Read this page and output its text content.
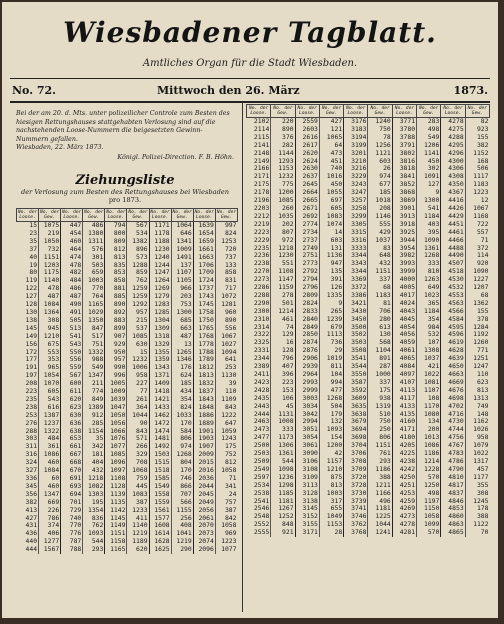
Wiesbadener Tagblatt.
Amtliches Organ für die Stadt Wiesbaden.
No. 72.	Mittwoch den 26. März	1873.

Bei der am 20. d. Mts. unter polizeilicher Controle zum Besten des hiesigen Rettungshauses stattgehabten Verlosung sind auf die nachstehenden Loose-Nummern die beigesetzten Gewinn-Nummern gefallen.

Wiesbaden, 22. März 1873.

Königl. Polizei-Direction. F. B. Höhn.

Ziehungsliste
der Verlosung zum Besten des Rettungshauses bei Wiesbaden
pro 1873.
No. der
Loose.	No. der
Gew.	No. der
Loose.	No. der
Gew.	No. der
Loose.	No. der
Gew.	No. der
Loose.	No. der
Gew.	No. der
Loose.	No. der
Gew.
15	1075	447	486	794	567	1171	1064	1639	997
23	219	454	1380	800	534	1178	646	1654	824
35	1050	460	1311	809	1382	1188	1341	1659	1253
37	732	464	576	812	896	1230	1009	1661	720
40	1151	474	301	813	573	1240	1491	1663	737
19	1203	478	503	835	1288	1244	137	1706	133
80	1175	482	659	853	859	1247	1107	1709	858
119	1140	484	1003	858	762	1264	1105	1724	831
122	478	486	770	881	1259	1269	966	1737	717
127	487	487	764	885	1259	1279	203	1743	1072
128	1084	490	1165	890	1292	1283	753	1745	1281
130	1364	491	1029	892	957	1285	1300	1758	960
138	308	505	1350	883	215	1304	685	1750	890
145	945	513	847	899	537	1309	663	1765	556
149	1210	541	517	907	1085	1318	487	1768	1067
156	675	543	751	929	630	1329	13	1778	1027
172	553	550	1332	950	15	1355	1265	1788	1094
177	353	556	988	957	1232	1359	1346	1789	641
191	965	559	549	990	1006	1343	176	1812	253
197	1054	567	1347	996	958	1371	624	1813	1130
208	1070	600	211	1005	227	1409	185	1832	39
223	605	611	774	1009	77	1418	434	1837	110
235	543	620	849	1039	261	1421	354	1843	1109
238	616	623	1389	1047	364	1433	824	1848	843
253	1387	630	912	1050	1044	1462	1033	1886	1222
276	1237	636	285	1056	90	1472	170	1889	647
288	1322	638	1154	1066	843	1474	584	1901	1059
303	484	653	35	1076	571	1481	806	1903	1243
311	361	661	342	1077	266	1492	974	1907	175
316	1086	667	181	1085	329	1503	1268	2009	752
324	460	668	404	1096	708	1515	804	2015	812
327	1084	670	432	1097	1068	1518	170	2016	1058
336	60	691	1218	1108	759	1585	746	2036	71
345	460	693	1082	1128	445	1549	866	2044	341
356	1347	694	1303	1139	1083	1558	707	2045	24
382	669	701	195	1135	387	1559	566	2049	757
413	226	729	1354	1142	1233	1561	1155	2056	387
427	786	740	836	1145	411	1577	256	2061	842
431	374	770	762	1149	1140	1608	408	2070	1058
436	406	776	1093	1151	1219	1614	1041	2073	969
440	1277	787	544	1158	1189	1628	1219	2074	1223
444	1567	788	293	1165	620	1625	290	2096	1077
No. der
Loose.	No. der
Gew.	No. der
Loose.	No. der
Gew.	No. der
Loose.	No. der
Gew.	No. der
Loose.	No. der
Gew.	No. der
Loose.	No. der
Gew.
2102	220	2559	427	3176	1240	3771	283	4278	82
2114	890	2603	121	3183	750	3780	498	4275	923
2115	376	2616	1065	3194	78	3788	549	4288	155
2141	282	2617	64	3199	1256	3791	1206	4295	382
2148	1144	2620	473	3201	1121	3802	1141	4296	1152
2149	1293	2624	451	3210	603	3816	450	4300	168
2166	1153	2630	740	3216	26	3818	302	4306	506
2171	1232	2637	1016	3229	974	3841	1091	4308	1117
2175	775	2645	450	3243	677	3852	127	4350	1183
2178	1200	2664	1055	3247	185	3868	9	4367	1223
2196	1085	2665	697	3257	1018	3869	1300	4416	12
2203	260	2671	605	3258	208	3901	541	4426	1067
2212	1035	2692	1083	3299	1146	3913	1184	4429	1168
2219	202	2774	1074	3305	555	3918	403	4451	722
2223	807	2734	14	3315	429	3925	395	4461	557
2229	972	2737	603	3316	1037	3944	1090	4466	71
2235	1218	2749	131	3333	83	3954	1361	4488	372
2236	1230	2751	1136	3344	648	3982	1268	4490	114
2238	551	2773	947	3343	432	3993	333	4507	920
2270	1108	2792	135	3344	1151	3999	810	4518	1090
2273	1147	2794	391	3369	337	4000	1263	4530	1227
2286	1159	2796	126	3372	68	4005	649	4532	1207
2288	278	2809	1335	3386	1183	4017	1023	4553	68
2290	501	2824	9	3421	81	4024	365	4563	1362
2300	1214	2833	265	3430	706	4043	1184	4566	155
2310	461	2840	1239	3450	280	4045	354	4584	378
2314	74	2849	679	3500	613	4054	984	4595	1284
2322	129	2850	1113	3502	130	4056	532	4596	1192
2325	16	2874	736	3503	568	4059	107	4619	1260
2331	128	2876	29	3508	1104	4061	1308	4628	771
2344	796	2906	1019	3541	891	4065	1037	4639	1251
2389	407	2939	811	3544	287	4084	421	4650	1247
2411	396	2964	104	3550	1000	4097	1022	4663	110
2423	223	2993	994	3587	337	4107	1081	4669	623
2428	153	2999	477	3592	175	4113	1107	4676	813
2435	106	3003	1268	3609	938	4117	108	4698	1313
2443	45	3034	504	3635	1319	4133	1170	4702	749
2444	1131	3042	179	3638	510	4135	1080	4716	148
2463	1008	2994	132	3679	750	4160	134	4730	1162
2473	333	3051	1093	3694	250	4171	200	4744	1026
2477	1173	3054	154	3698	806	4180	1013	4756	958
2500	1306	3061	1200	3704	1151	4205	1086	4767	1079
2503	1361	3090	42	3706	761	4225	1186	4783	1022
2509	544	3106	1157	3708	293	4238	1214	4786	1317
2549	1098	3108	1210	3709	1186	4242	1228	4790	457
2597	1236	3109	875	3720	388	4250	570	4810	1177
2534	1298	3113	813	3728	1211	4251	1250	4817	355
2538	1185	3128	1003	3730	1166	4253	498	4837	308
2541	1181	3138	317	3739	496	4259	1197	4846	1245
2546	1267	3145	655	3741	1181	4269	1150	4853	178
2548	1252	3152	1049	3746	1225	4273	1058	4860	388
2552	848	3155	1153	3762	1044	4278	1099	4863	1122
2555	921	3171	28	3768	1241	4281	570	4865	70
